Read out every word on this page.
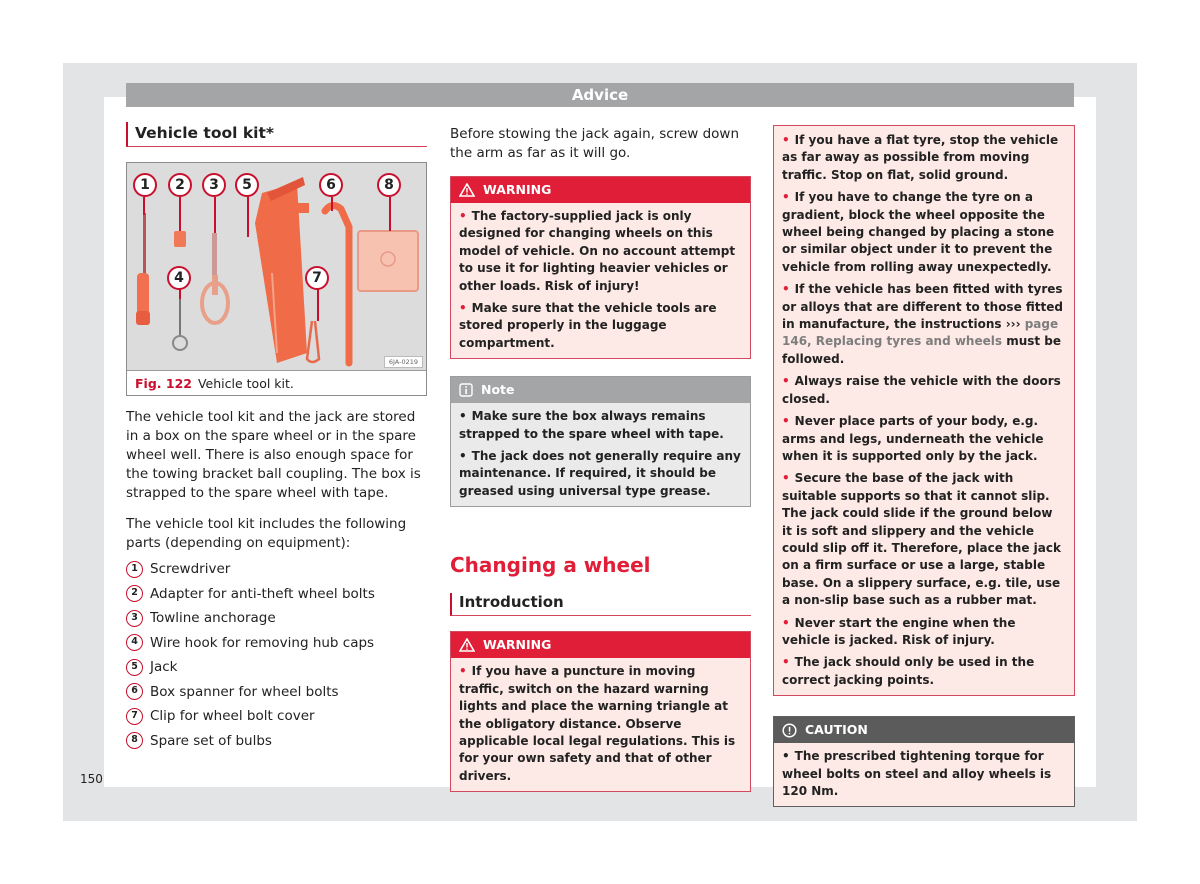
Advice
Vehicle tool kit*
1	2	3	5	6	8
4	7
6JA-0219
Fig. 122 Vehicle tool kit.

The vehicle tool kit and the jack are stored in a box on the spare wheel or in the spare wheel well. There is also enough space for the towing bracket ball coupling. The box is strapped to the spare wheel with tape.

The vehicle tool kit includes the following parts (depending on equipment):

1 Screwdriver
2 Adapter for anti-theft wheel bolts
3 Towline anchorage
4 Wire hook for removing hub caps
5 Jack
6 Box spanner for wheel bolts
7 Clip for wheel bolt cover
8 Spare set of bulbs
150

Before stowing the jack again, screw down the arm as far as it will go.

WARNING

• The factory-supplied jack is only designed for changing wheels on this model of vehicle. On no account attempt to use it for lighting heavier vehicles or other loads. Risk of injury!

• Make sure that the vehicle tools are stored properly in the luggage compartment.

Note

• Make sure the box always remains strapped to the spare wheel with tape.

• The jack does not generally require any maintenance. If required, it should be greased using universal type grease.

Changing a wheel
Introduction
WARNING

• If you have a puncture in moving traffic, switch on the hazard warning lights and place the warning triangle at the obligatory distance. Observe applicable local legal regulations. This is for your own safety and that of other drivers.

• If you have a flat tyre, stop the vehicle as far away as possible from moving traffic. Stop on flat, solid ground.

• If you have to change the tyre on a gradient, block the wheel opposite the wheel being changed by placing a stone or similar object under it to prevent the vehicle from rolling away unexpectedly.

• If the vehicle has been fitted with tyres or alloys that are different to those fitted in manufacture, the instructions ››› page 146, Replacing tyres and wheels must be followed.

• Always raise the vehicle with the doors closed.

• Never place parts of your body, e.g. arms and legs, underneath the vehicle when it is supported only by the jack.

• Secure the base of the jack with suitable supports so that it cannot slip. The jack could slide if the ground below it is soft and slippery and the vehicle could slip off it. Therefore, place the jack on a firm surface or use a large, stable base. On a slippery surface, e.g. tile, use a non-slip base such as a rubber mat.

• Never start the engine when the vehicle is jacked. Risk of injury.

• The jack should only be used in the correct jacking points.

CAUTION

• The prescribed tightening torque for wheel bolts on steel and alloy wheels is 120 Nm.
